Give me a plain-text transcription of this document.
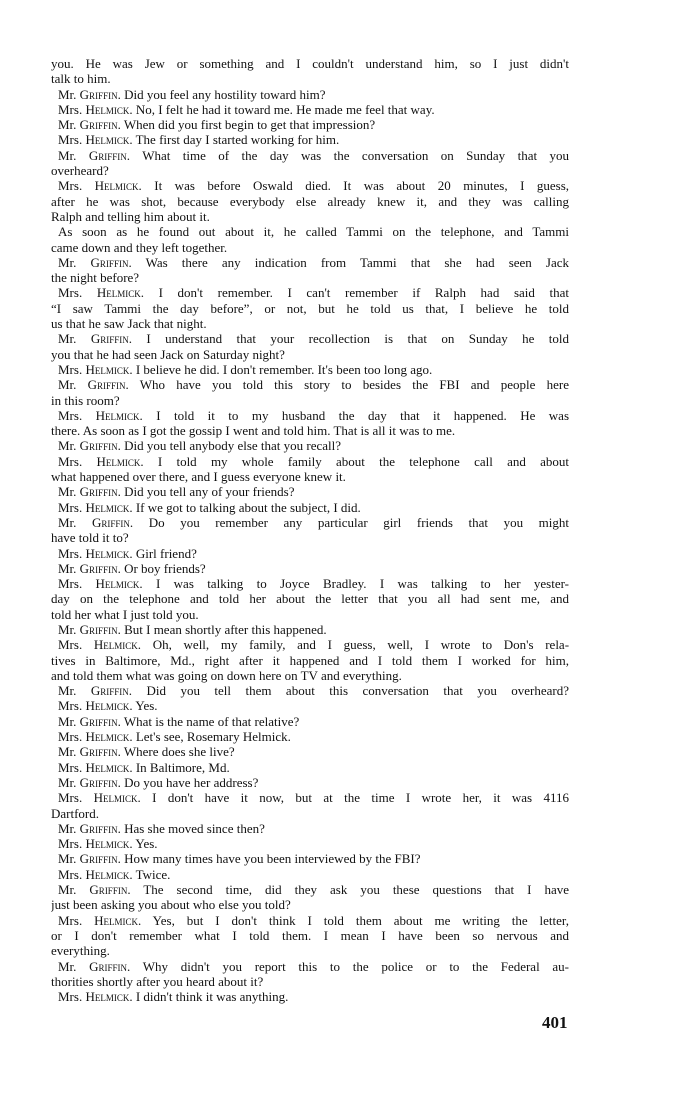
you. He was Jew or something and I couldn't understand him, so I just didn't
talk to him.
Mr. Griffin. Did you feel any hostility toward him?
Mrs. Helmick. No, I felt he had it toward me. He made me feel that way.
Mr. Griffin. When did you first begin to get that impression?
Mrs. Helmick. The first day I started working for him.
Mr. Griffin. What time of the day was the conversation on Sunday that you
overheard?
Mrs. Helmick. It was before Oswald died. It was about 20 minutes, I guess,
after he was shot, because everybody else already knew it, and they was calling
Ralph and telling him about it.
As soon as he found out about it, he called Tammi on the telephone, and Tammi
came down and they left together.
Mr. Griffin. Was there any indication from Tammi that she had seen Jack
the night before?
Mrs. Helmick. I don't remember. I can't remember if Ralph had said that
“I saw Tammi the day before”, or not, but he told us that, I believe he told
us that he saw Jack that night.
Mr. Griffin. I understand that your recollection is that on Sunday he told
you that he had seen Jack on Saturday night?
Mrs. Helmick. I believe he did. I don't remember. It's been too long ago.
Mr. Griffin. Who have you told this story to besides the FBI and people here
in this room?
Mrs. Helmick. I told it to my husband the day that it happened. He was
there. As soon as I got the gossip I went and told him. That is all it was to me.
Mr. Griffin. Did you tell anybody else that you recall?
Mrs. Helmick. I told my whole family about the telephone call and about
what happened over there, and I guess everyone knew it.
Mr. Griffin. Did you tell any of your friends?
Mrs. Helmick. If we got to talking about the subject, I did.
Mr. Griffin. Do you remember any particular girl friends that you might
have told it to?
Mrs. Helmick. Girl friend?
Mr. Griffin. Or boy friends?
Mrs. Helmick. I was talking to Joyce Bradley. I was talking to her yester-
day on the telephone and told her about the letter that you all had sent me, and
told her what I just told you.
Mr. Griffin. But I mean shortly after this happened.
Mrs. Helmick. Oh, well, my family, and I guess, well, I wrote to Don's rela-
tives in Baltimore, Md., right after it happened and I told them I worked for him,
and told them what was going on down here on TV and everything.
Mr. Griffin. Did you tell them about this conversation that you overheard?
Mrs. Helmick. Yes.
Mr. Griffin. What is the name of that relative?
Mrs. Helmick. Let's see, Rosemary Helmick.
Mr. Griffin. Where does she live?
Mrs. Helmick. In Baltimore, Md.
Mr. Griffin. Do you have her address?
Mrs. Helmick. I don't have it now, but at the time I wrote her, it was 4116
Dartford.
Mr. Griffin. Has she moved since then?
Mrs. Helmick. Yes.
Mr. Griffin. How many times have you been interviewed by the FBI?
Mrs. Helmick. Twice.
Mr. Griffin. The second time, did they ask you these questions that I have
just been asking you about who else you told?
Mrs. Helmick. Yes, but I don't think I told them about me writing the letter,
or I don't remember what I told them. I mean I have been so nervous and
everything.
Mr. Griffin. Why didn't you report this to the police or to the Federal au-
thorities shortly after you heard about it?
Mrs. Helmick. I didn't think it was anything.
401
